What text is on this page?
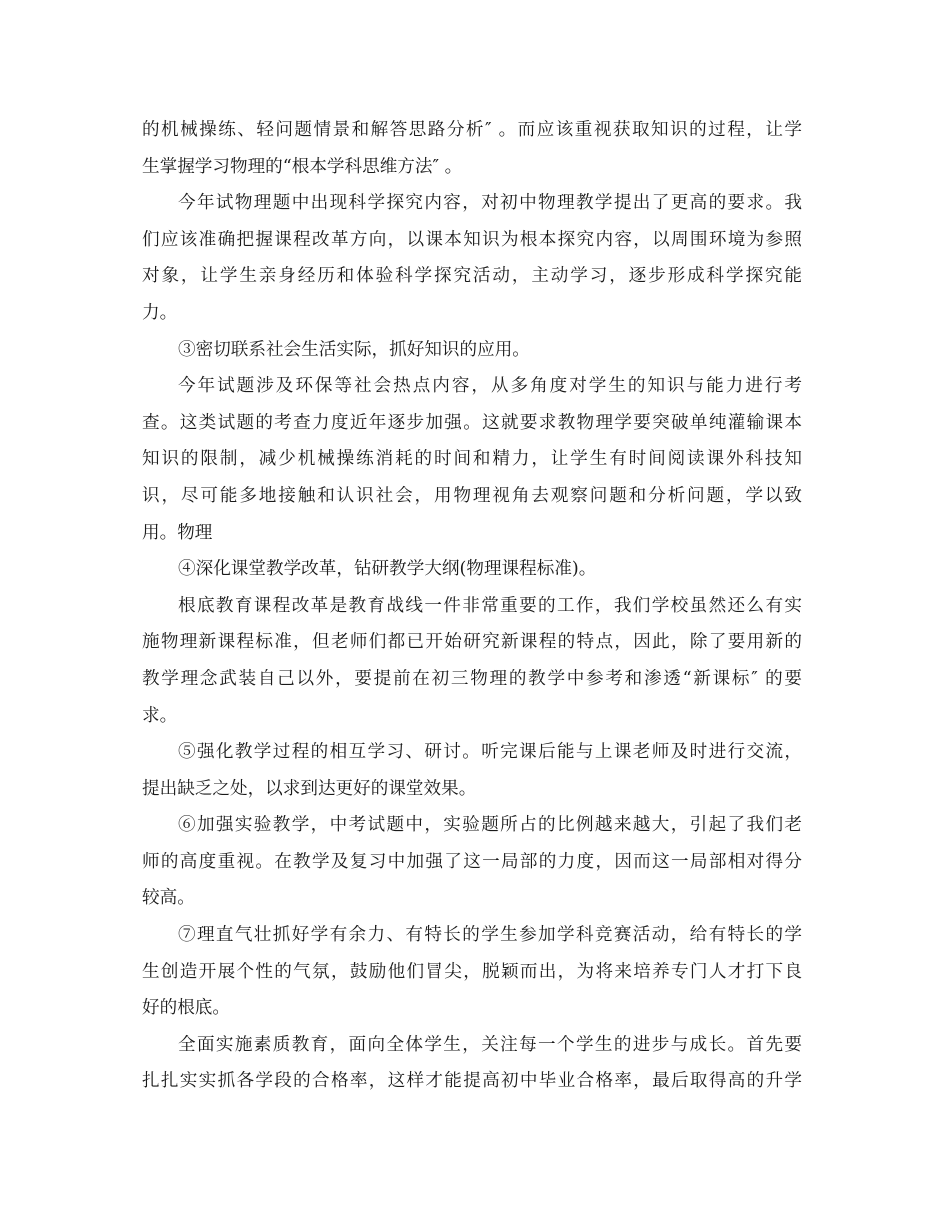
的机械操练、轻问题情景和解答思路分析″ 。而应该重视获取知识的过程，让学
生掌握学习物理的“根本学科思维方法″ 。
今年试物理题中出现科学探究内容，对初中物理教学提出了更高的要求。我
们应该准确把握课程改革方向，以课本知识为根本探究内容，以周围环境为参照
对象，让学生亲身经历和体验科学探究活动，主动学习，逐步形成科学探究能
力。
③密切联系社会生活实际，抓好知识的应用。
今年试题涉及环保等社会热点内容，从多角度对学生的知识与能力进行考
查。这类试题的考查力度近年逐步加强。这就要求教物理学要突破单纯灌输课本
知识的限制，减少机械操练消耗的时间和精力，让学生有时间阅读课外科技知
识，尽可能多地接触和认识社会，用物理视角去观察问题和分析问题，学以致
用。物理
④深化课堂教学改革，钻研教学大纲(物理课程标准)。
根底教育课程改革是教育战线一件非常重要的工作，我们学校虽然还么有实
施物理新课程标准，但老师们都已开始研究新课程的特点，因此，除了要用新的
教学理念武装自己以外，要提前在初三物理的教学中参考和渗透“新课标″ 的要
求。
⑤强化教学过程的相互学习、研讨。听完课后能与上课老师及时进行交流，
提出缺乏之处，以求到达更好的课堂效果。
⑥加强实验教学，中考试题中，实验题所占的比例越来越大，引起了我们老
师的高度重视。在教学及复习中加强了这一局部的力度，因而这一局部相对得分
较高。
⑦理直气壮抓好学有余力、有特长的学生参加学科竞赛活动，给有特长的学
生创造开展个性的气氛，鼓励他们冒尖，脱颖而出，为将来培养专门人才打下良
好的根底。
全面实施素质教育，面向全体学生，关注每一个学生的进步与成长。首先要
扎扎实实抓各学段的合格率，这样才能提高初中毕业合格率，最后取得高的升学
